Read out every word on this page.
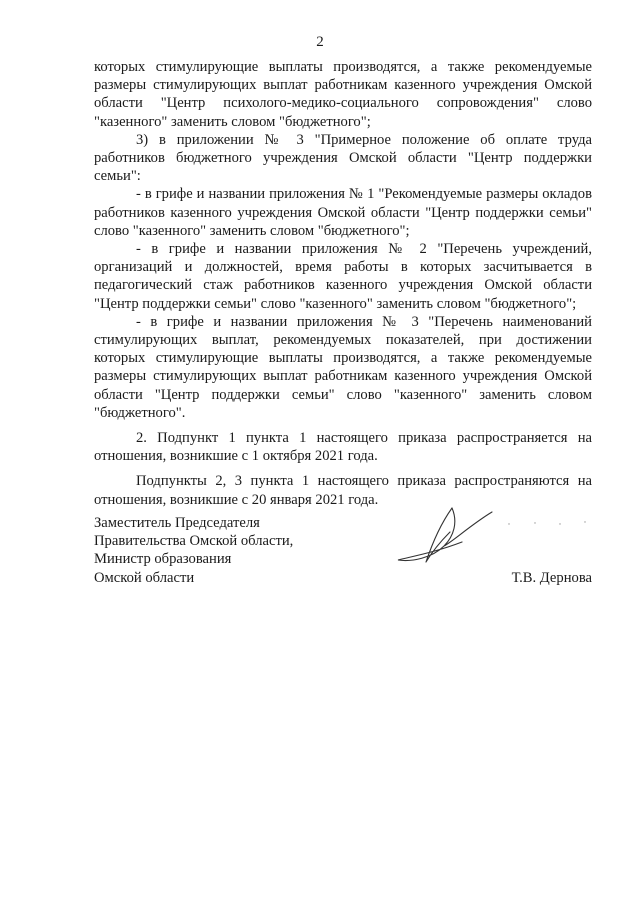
2

которых стимулирующие выплаты производятся, а также рекомендуемые размеры стимулирующих выплат работникам казенного учреждения Омской области "Центр психолого-медико-социального сопровождения" слово "казенного" заменить словом "бюджетного";

3) в приложении № 3 "Примерное положение об оплате труда работников бюджетного учреждения Омской области "Центр поддержки семьи":

- в грифе и названии приложения № 1 "Рекомендуемые размеры окладов работников казенного учреждения Омской области "Центр поддержки семьи" слово "казенного" заменить словом "бюджетного";

- в грифе и названии приложения № 2 "Перечень учреждений, организаций и должностей, время работы в которых засчитывается в педагогический стаж работников казенного учреждения Омской области "Центр поддержки семьи" слово "казенного" заменить словом "бюджетного";

- в грифе и названии приложения № 3 "Перечень наименований стимулирующих выплат, рекомендуемых показателей, при достижении которых стимулирующие выплаты производятся, а также рекомендуемые размеры стимулирующих выплат работникам казенного учреждения Омской области "Центр поддержки семьи" слово "казенного" заменить словом "бюджетного".

2. Подпункт 1 пункта 1 настоящего приказа распространяется на отношения, возникшие с 1 октября 2021 года.

Подпункты 2, 3 пункта 1 настоящего приказа распространяются на отношения, возникшие с 20 января 2021 года.

Заместитель Председателя
Правительства Омской области,
Министр образования
Омской области	Т.В. Дернова
